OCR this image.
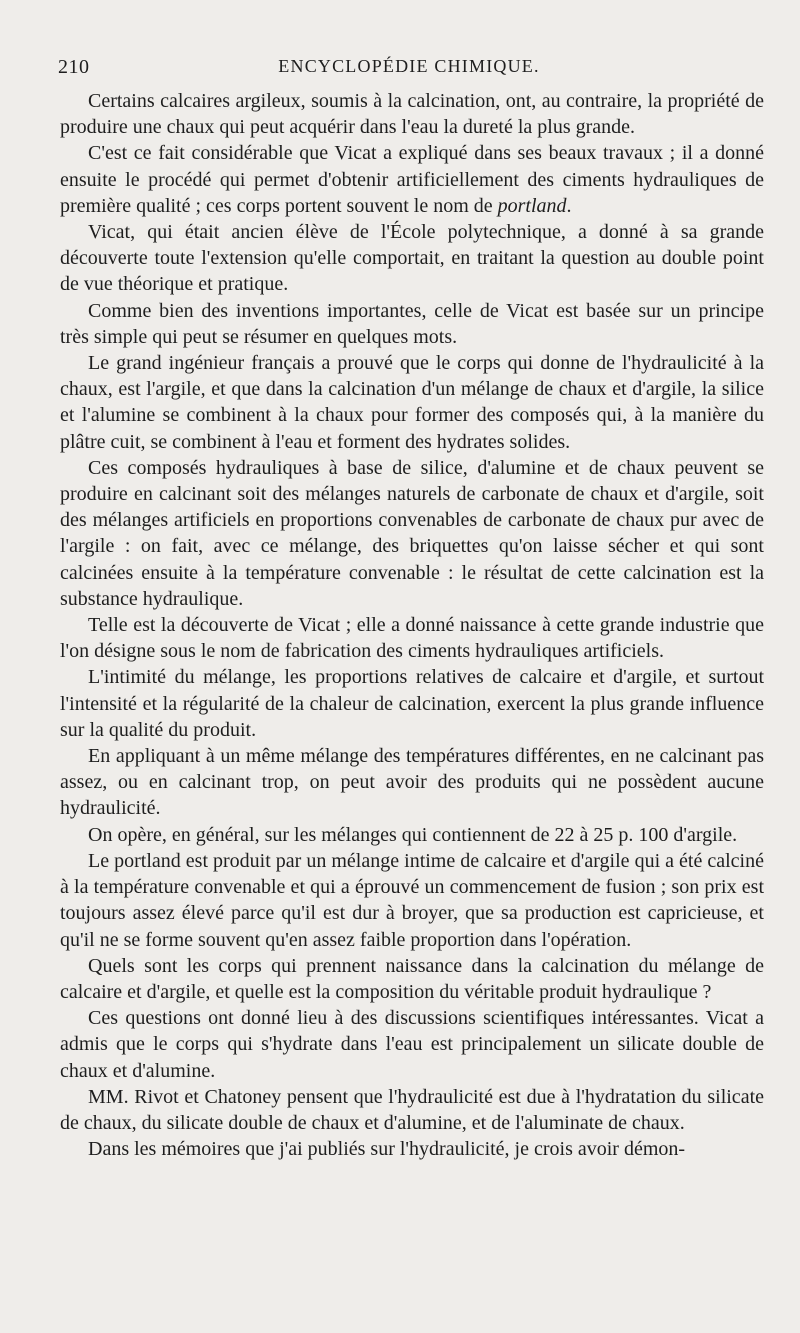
210	ENCYCLOPÉDIE CHIMIQUE.

Certains calcaires argileux, soumis à la calcination, ont, au contraire, la propriété de produire une chaux qui peut acquérir dans l'eau la dureté la plus grande.

C'est ce fait considérable que Vicat a expliqué dans ses beaux travaux ; il a donné ensuite le procédé qui permet d'obtenir artificiellement des ciments hydrauliques de première qualité ; ces corps portent souvent le nom de portland.

Vicat, qui était ancien élève de l'École polytechnique, a donné à sa grande découverte toute l'extension qu'elle comportait, en traitant la question au double point de vue théorique et pratique.

Comme bien des inventions importantes, celle de Vicat est basée sur un principe très simple qui peut se résumer en quelques mots.

Le grand ingénieur français a prouvé que le corps qui donne de l'hydraulicité à la chaux, est l'argile, et que dans la calcination d'un mélange de chaux et d'argile, la silice et l'alumine se combinent à la chaux pour former des composés qui, à la manière du plâtre cuit, se combinent à l'eau et forment des hydrates solides.

Ces composés hydrauliques à base de silice, d'alumine et de chaux peuvent se produire en calcinant soit des mélanges naturels de carbonate de chaux et d'argile, soit des mélanges artificiels en proportions convenables de carbonate de chaux pur avec de l'argile : on fait, avec ce mélange, des briquettes qu'on laisse sécher et qui sont calcinées ensuite à la température convenable : le résultat de cette calcination est la substance hydraulique.

Telle est la découverte de Vicat ; elle a donné naissance à cette grande industrie que l'on désigne sous le nom de fabrication des ciments hydrauliques artificiels.

L'intimité du mélange, les proportions relatives de calcaire et d'argile, et surtout l'intensité et la régularité de la chaleur de calcination, exercent la plus grande influence sur la qualité du produit.

En appliquant à un même mélange des températures différentes, en ne calcinant pas assez, ou en calcinant trop, on peut avoir des produits qui ne possèdent aucune hydraulicité.

On opère, en général, sur les mélanges qui contiennent de 22 à 25 p. 100 d'argile.

Le portland est produit par un mélange intime de calcaire et d'argile qui a été calciné à la température convenable et qui a éprouvé un commencement de fusion ; son prix est toujours assez élevé parce qu'il est dur à broyer, que sa production est capricieuse, et qu'il ne se forme souvent qu'en assez faible proportion dans l'opération.

Quels sont les corps qui prennent naissance dans la calcination du mélange de calcaire et d'argile, et quelle est la composition du véritable produit hydraulique ?

Ces questions ont donné lieu à des discussions scientifiques intéressantes. Vicat a admis que le corps qui s'hydrate dans l'eau est principalement un silicate double de chaux et d'alumine.

MM. Rivot et Chatoney pensent que l'hydraulicité est due à l'hydratation du silicate de chaux, du silicate double de chaux et d'alumine, et de l'aluminate de chaux.

Dans les mémoires que j'ai publiés sur l'hydraulicité, je crois avoir démon-
